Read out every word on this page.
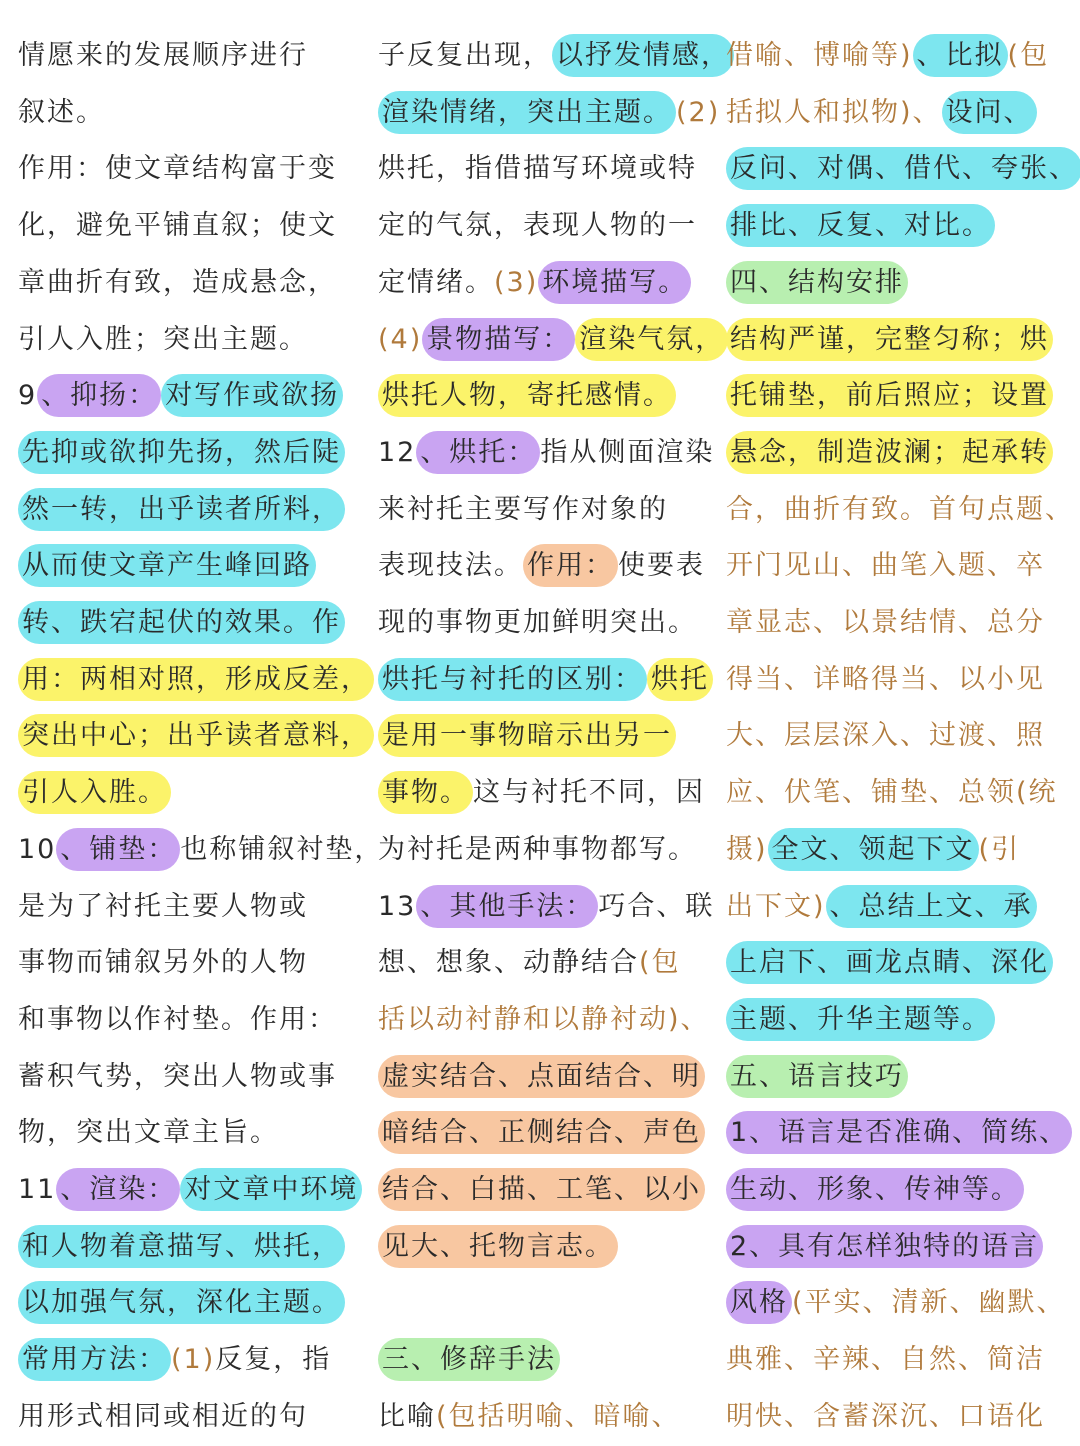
情愿来的发展顺序进行
叙述。
作用：使文章结构富于变
化，避免平铺直叙；使文
章曲折有致，造成悬念，
引人入胜；突出主题。
9 、抑扬： 对写作或欲扬
先抑或欲抑先扬，然后陡
然一转，出乎读者所料，
从而使文章产生峰回路
转、跌宕起伏的效果。作
用：两相对照，形成反差，
突出中心；出乎读者意料，
引人入胜。
10 、铺垫： 也称铺叙衬垫，
是为了衬托主要人物或
事物而铺叙另外的人物
和事物以作衬垫。作用：
蓄积气势，突出人物或事
物，突出文章主旨。
11 、渲染： 对文章中环境
和人物着意描写、烘托，
以加强气氛，深化主题。
常用方法： (1)反复，指
用形式相同或相近的句
子反复出现， 以抒发情感，
渲染情绪，突出主题。 (2)
烘托，指借描写环境或特
定的气氛，表现人物的一
定情绪。(3) 环境描写。
(4) 景物描写： 渲染气氛，
烘托人物，寄托感情。
12 、烘托： 指从侧面渲染
来衬托主要写作对象的
表现技法。 作用： 使要表
现的事物更加鲜明突出。
烘托与衬托的区别： 烘托
是用一事物暗示出另一
事物。 这与衬托不同，因
为衬托是两种事物都写。
13 、其他手法： 巧合、联
想、想象、动静结合(包
括以动衬静和以静衬动)、
虚实结合、点面结合、明
暗结合、正侧结合、声色
结合、白描、工笔、以小
见大、托物言志。
三、修辞手法
比喻(包括明喻、暗喻、
借喻、博喻等) 、比拟 (包
括拟人和拟物)、 设问、
反问、对偶、借代、夸张、
排比、反复、对比。
四、结构安排
结构严谨，完整匀称；烘
托铺垫，前后照应；设置
悬念，制造波澜；起承转
合，曲折有致。首句点题、
开门见山、曲笔入题、卒
章显志、以景结情、总分
得当、详略得当、以小见
大、层层深入、过渡、照
应、伏笔、铺垫、总领(统
摄) 全文、领起下文 (引
出下文) 、总结上文、承
上启下、画龙点睛、深化
主题、升华主题等。
五、语言技巧
1、语言是否准确、简练、
生动、形象、传神等。
2、具有怎样独特的语言
风格 (平实、清新、幽默、
典雅、辛辣、自然、简洁
明快、含蓄深沉、口语化
